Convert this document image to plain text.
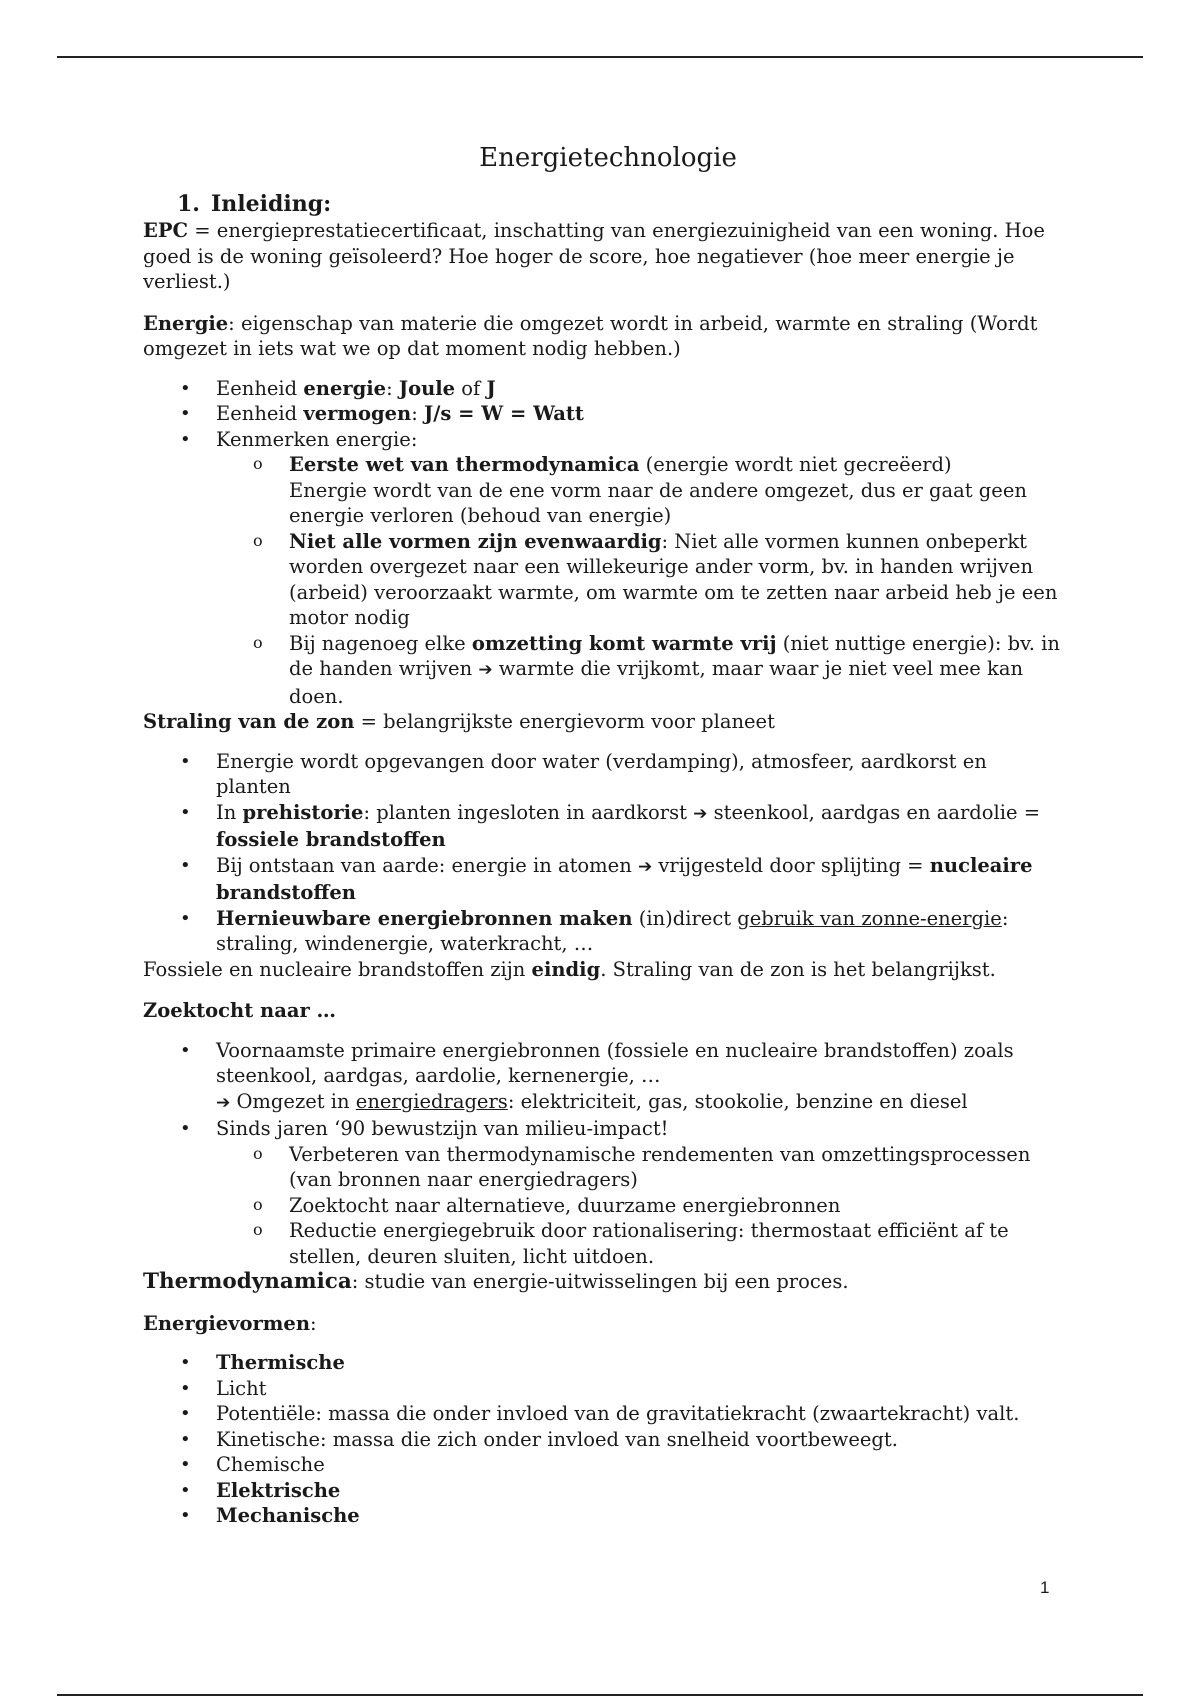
Energietechnologie
1. Inleiding:

EPC = energieprestatiecertificaat, inschatting van energiezuinigheid van een woning. Hoe goed is de woning geïsoleerd? Hoe hoger de score, hoe negatiever (hoe meer energie je verliest.)

Energie: eigenschap van materie die omgezet wordt in arbeid, warmte en straling (Wordt omgezet in iets wat we op dat moment nodig hebben.)

• Eenheid energie: Joule of J
• Eenheid vermogen: J/s = W = Watt
• Kenmerken energie:
o Eerste wet van thermodynamica (energie wordt niet gecreëerd)
Energie wordt van de ene vorm naar de andere omgezet, dus er gaat geen energie verloren (behoud van energie)
o Niet alle vormen zijn evenwaardig: Niet alle vormen kunnen onbeperkt worden overgezet naar een willekeurige ander vorm, bv. in handen wrijven (arbeid) veroorzaakt warmte, om warmte om te zetten naar arbeid heb je een motor nodig
o Bij nagenoeg elke omzetting komt warmte vrij (niet nuttige energie): bv. in de handen wrijven ➔ warmte die vrijkomt, maar waar je niet veel mee kan doen.

Straling van de zon = belangrijkste energievorm voor planeet

• Energie wordt opgevangen door water (verdamping), atmosfeer, aardkorst en planten
• In prehistorie: planten ingesloten in aardkorst ➔ steenkool, aardgas en aardolie = fossiele brandstoffen
• Bij ontstaan van aarde: energie in atomen ➔ vrijgesteld door splijting = nucleaire brandstoffen
• Hernieuwbare energiebronnen maken (in)direct gebruik van zonne-energie: straling, windenergie, waterkracht, …

Fossiele en nucleaire brandstoffen zijn eindig. Straling van de zon is het belangrijkst.

Zoektocht naar …

• Voornaamste primaire energiebronnen (fossiele en nucleaire brandstoffen) zoals steenkool, aardgas, aardolie, kernenergie, …
➔ Omgezet in energiedragers: elektriciteit, gas, stookolie, benzine en diesel
• Sinds jaren ‘90 bewustzijn van milieu-impact!
o Verbeteren van thermodynamische rendementen van omzettingsprocessen (van bronnen naar energiedragers)
o Zoektocht naar alternatieve, duurzame energiebronnen
o Reductie energiegebruik door rationalisering: thermostaat efficiënt af te stellen, deuren sluiten, licht uitdoen.

Thermodynamica: studie van energie-uitwisselingen bij een proces.

Energievormen:

• Thermische
• Licht
• Potentiële: massa die onder invloed van de gravitatiekracht (zwaartekracht) valt.
• Kinetische: massa die zich onder invloed van snelheid voortbeweegt.
• Chemische
• Elektrische
• Mechanische
1
